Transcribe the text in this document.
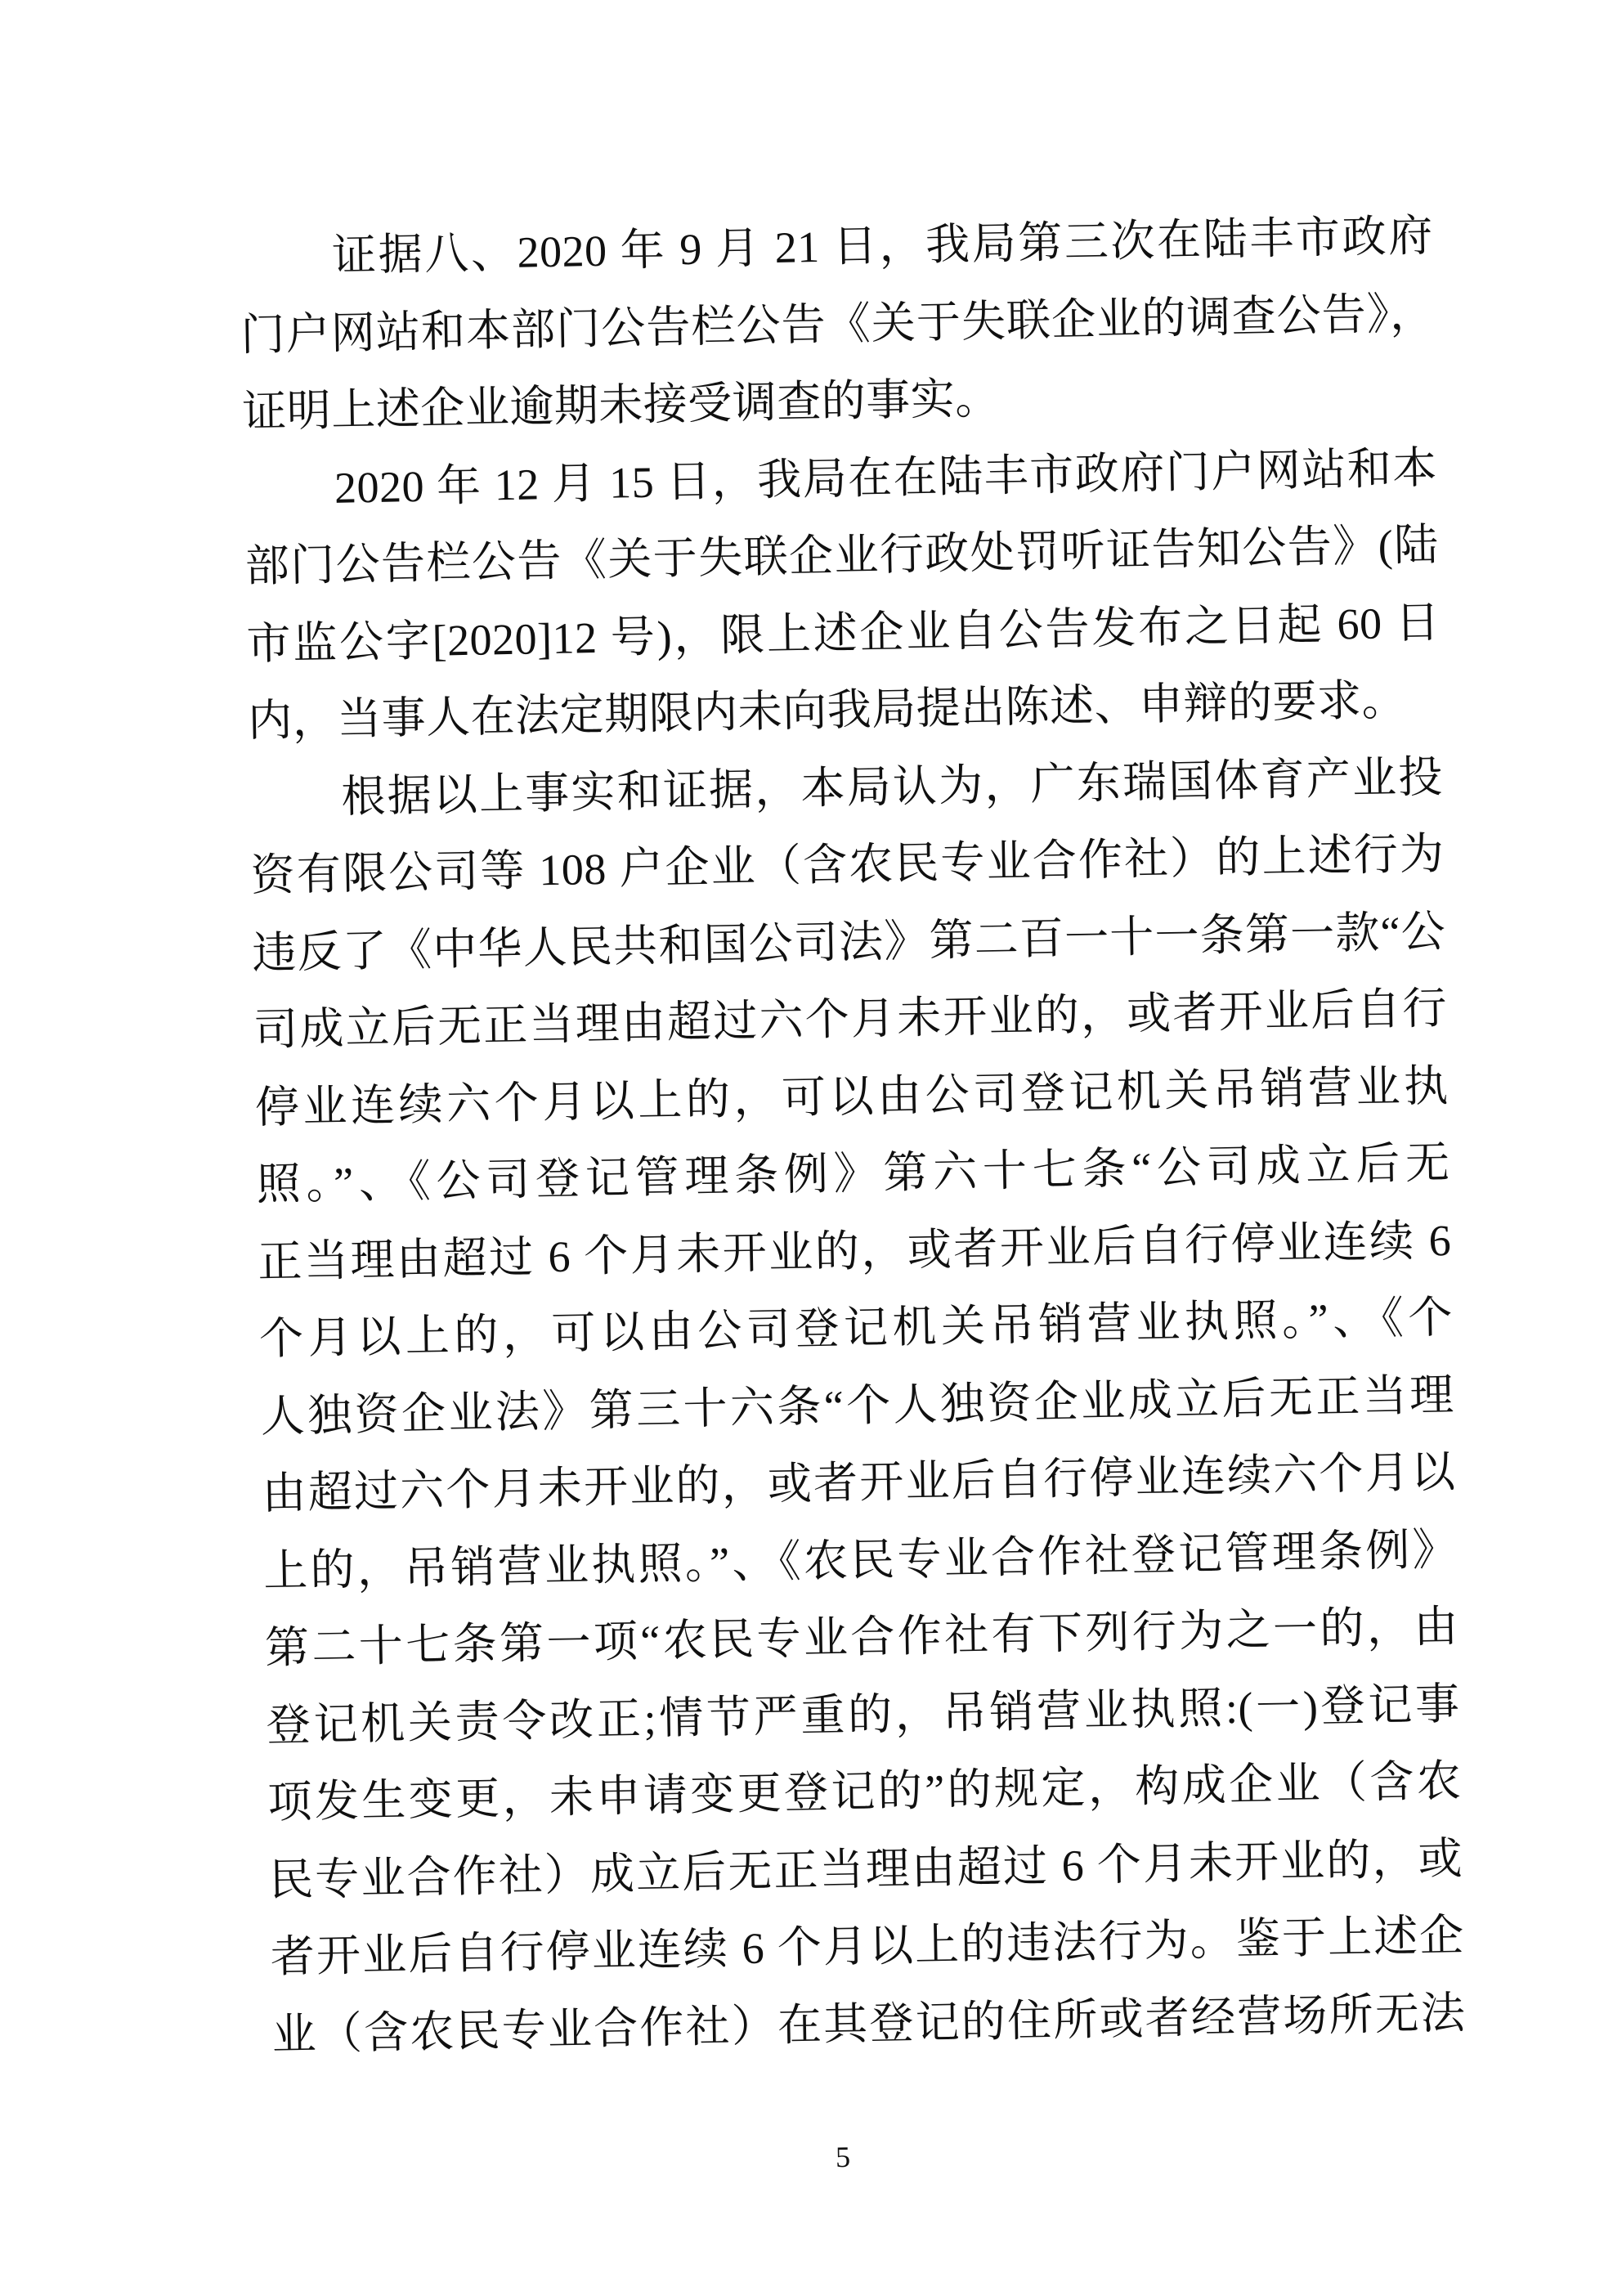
　　证据八、2020 年 9 月 21 日，我局第三次在陆丰市政府
门户网站和本部门公告栏公告《关于失联企业的调查公告》，
证明上述企业逾期未接受调查的事实。
　　2020 年 12 月 15 日，我局在在陆丰市政府门户网站和本
部门公告栏公告《关于失联企业行政处罚听证告知公告》(陆
市监公字[2020]12 号)，限上述企业自公告发布之日起 60 日
内，当事人在法定期限内未向我局提出陈述、申辩的要求。
　　根据以上事实和证据，本局认为，广东瑞国体育产业投
资有限公司等 108 户企业（含农民专业合作社）的上述行为
违反了《中华人民共和国公司法》第二百一十一条第一款“公
司成立后无正当理由超过六个月未开业的，或者开业后自行
停业连续六个月以上的，可以由公司登记机关吊销营业执
照。”、《公司登记管理条例》第六十七条“公司成立后无
正当理由超过 6 个月未开业的，或者开业后自行停业连续 6
个月以上的，可以由公司登记机关吊销营业执照。”、《个
人独资企业法》第三十六条“个人独资企业成立后无正当理
由超过六个月未开业的，或者开业后自行停业连续六个月以
上的，吊销营业执照。”、《农民专业合作社登记管理条例》
第二十七条第一项“农民专业合作社有下列行为之一的，由
登记机关责令改正;情节严重的，吊销营业执照:(一)登记事
项发生变更，未申请变更登记的”的规定，构成企业（含农
民专业合作社）成立后无正当理由超过 6 个月未开业的，或
者开业后自行停业连续 6 个月以上的违法行为。鉴于上述企
业（含农民专业合作社）在其登记的住所或者经营场所无法
5
